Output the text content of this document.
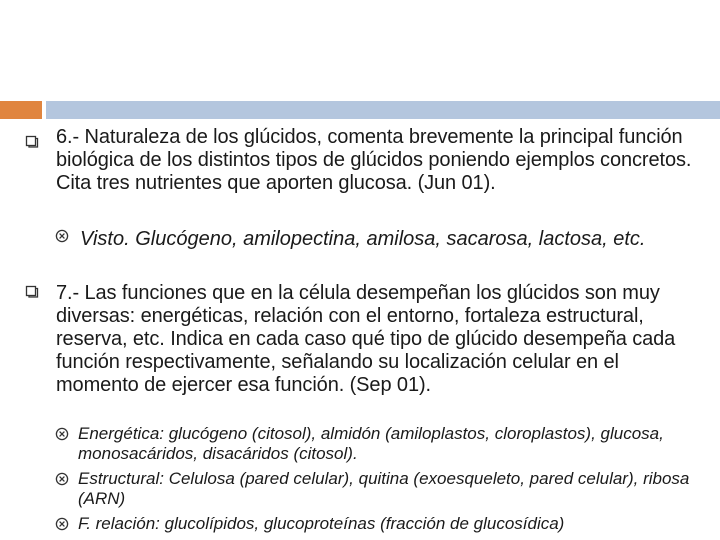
6.- Naturaleza de los glúcidos, comenta brevemente la principal función biológica de los distintos tipos de glúcidos poniendo ejemplos concretos. Cita tres nutrientes que aporten glucosa. (Jun 01).
Visto. Glucógeno, amilopectina, amilosa, sacarosa, lactosa, etc.
7.- Las funciones que en la célula desempeñan los glúcidos son muy diversas: energéticas, relación con el entorno, fortaleza estructural, reserva, etc. Indica en cada caso qué tipo de glúcido desempeña cada función respectivamente, señalando su localización celular en el momento de ejercer esa función. (Sep 01).
Energética: glucógeno (citosol), almidón (amiloplastos, cloroplastos), glucosa, monosacáridos, disacáridos (citosol).
Estructural: Celulosa (pared celular), quitina (exoesqueleto, pared celular), ribosa (ARN)
F. relación: glucolípidos, glucoproteínas (fracción de glucosídica)
